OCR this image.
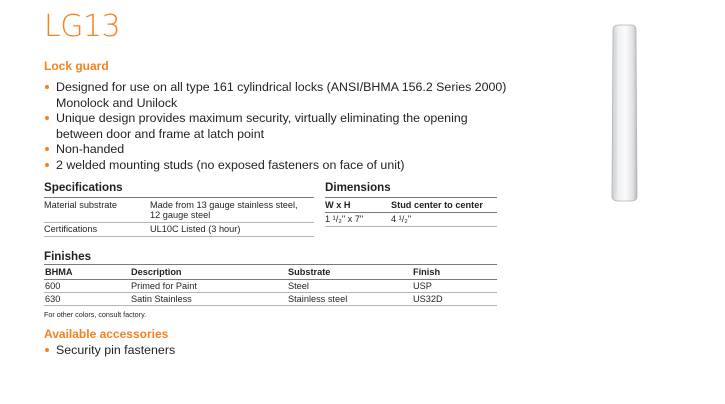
LG13
Lock guard
Designed for use on all type 161 cylindrical locks (ANSI/BHMA 156.2 Series 2000) Monolock and Unilock
Unique design provides maximum security, virtually eliminating the opening between door and frame at latch point
Non-handed
2 welded mounting studs (no exposed fasteners on face of unit)
Specifications
Material substrate	Made from 13 gauge stainless steel,
12 gauge steel

Certifications	UL10C Listed (3 hour)
Dimensions
W x H	Stud center to center
1 ¹/₂" x 7"	4 ¹/₂"
Finishes
BHMA	Description	Substrate	Finish
600	Primed for Paint	Steel	USP
630	Satin Stainless	Stainless steel	US32D

For other colors, consult factory.

Available accessories
Security pin fasteners
